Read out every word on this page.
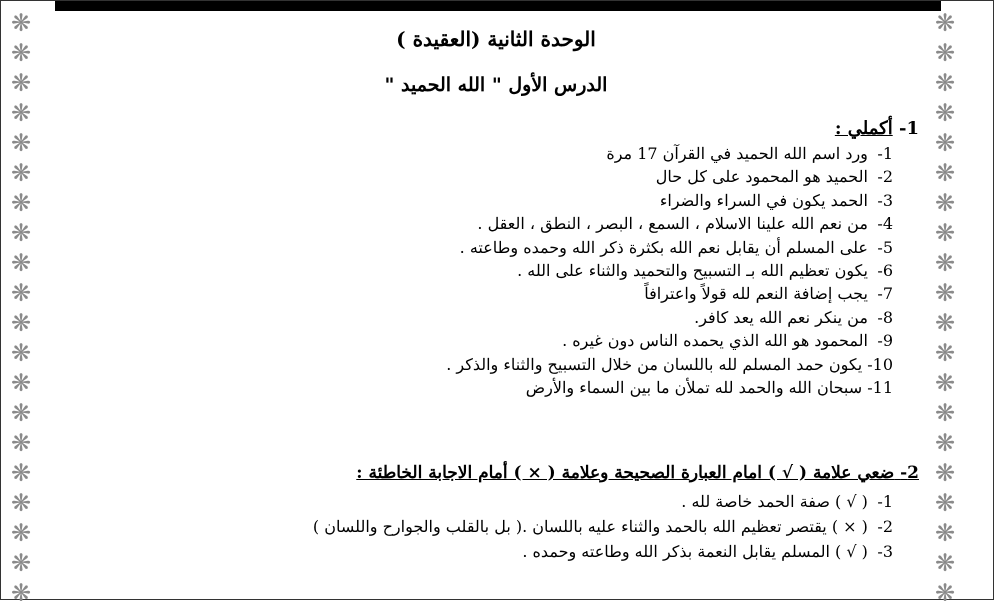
❋
❋
❋
❋
❋
❋
❋
❋
❋
❋
❋
❋
❋
❋
❋
❋
❋
❋
❋
❋
❋
❋
❋
❋
❋
❋
❋
❋
❋
❋
❋
❋
❋
❋
❋
❋
❋
❋
❋
❋
الوحدة الثانية (العقيدة )
الدرس الأول " الله الحميد "
1- أكملي :
1- ورد اسم الله الحميد في القرآن 17 مرة
2- الحميد هو المحمود على كل حال
3- الحمد يكون في السراء والضراء
4- من نعم الله علينا الاسلام ، السمع ، البصر ، النطق ، العقل .
5- على المسلم أن يقابل نعم الله بكثرة ذكر الله وحمده وطاعته .
6- يكون تعظيم الله بـ التسبيح والتحميد والثناء على الله .
7- يجب إضافة النعم لله قولاً واعترافاً
8- من ينكر نعم الله يعد كافر.
9- المحمود هو الله الذي يحمده الناس دون غيره .
10- يكون حمد المسلم لله باللسان من خلال التسبيح والثناء والذكر .
11- سبحان الله والحمد لله تملأن ما بين السماء والأرض
2- ضعي علامة ( √ ) امام العبارة الصحيحة وعلامة ( × ) أمام الاجابة الخاطئة :
1- ( √ ) صفة الحمد خاصة لله .
2- ( × ) يقتصر تعظيم الله بالحمد والثناء عليه باللسان .( بل بالقلب والجوارح واللسان )
3- ( √ ) المسلم يقابل النعمة بذكر الله وطاعته وحمده .
